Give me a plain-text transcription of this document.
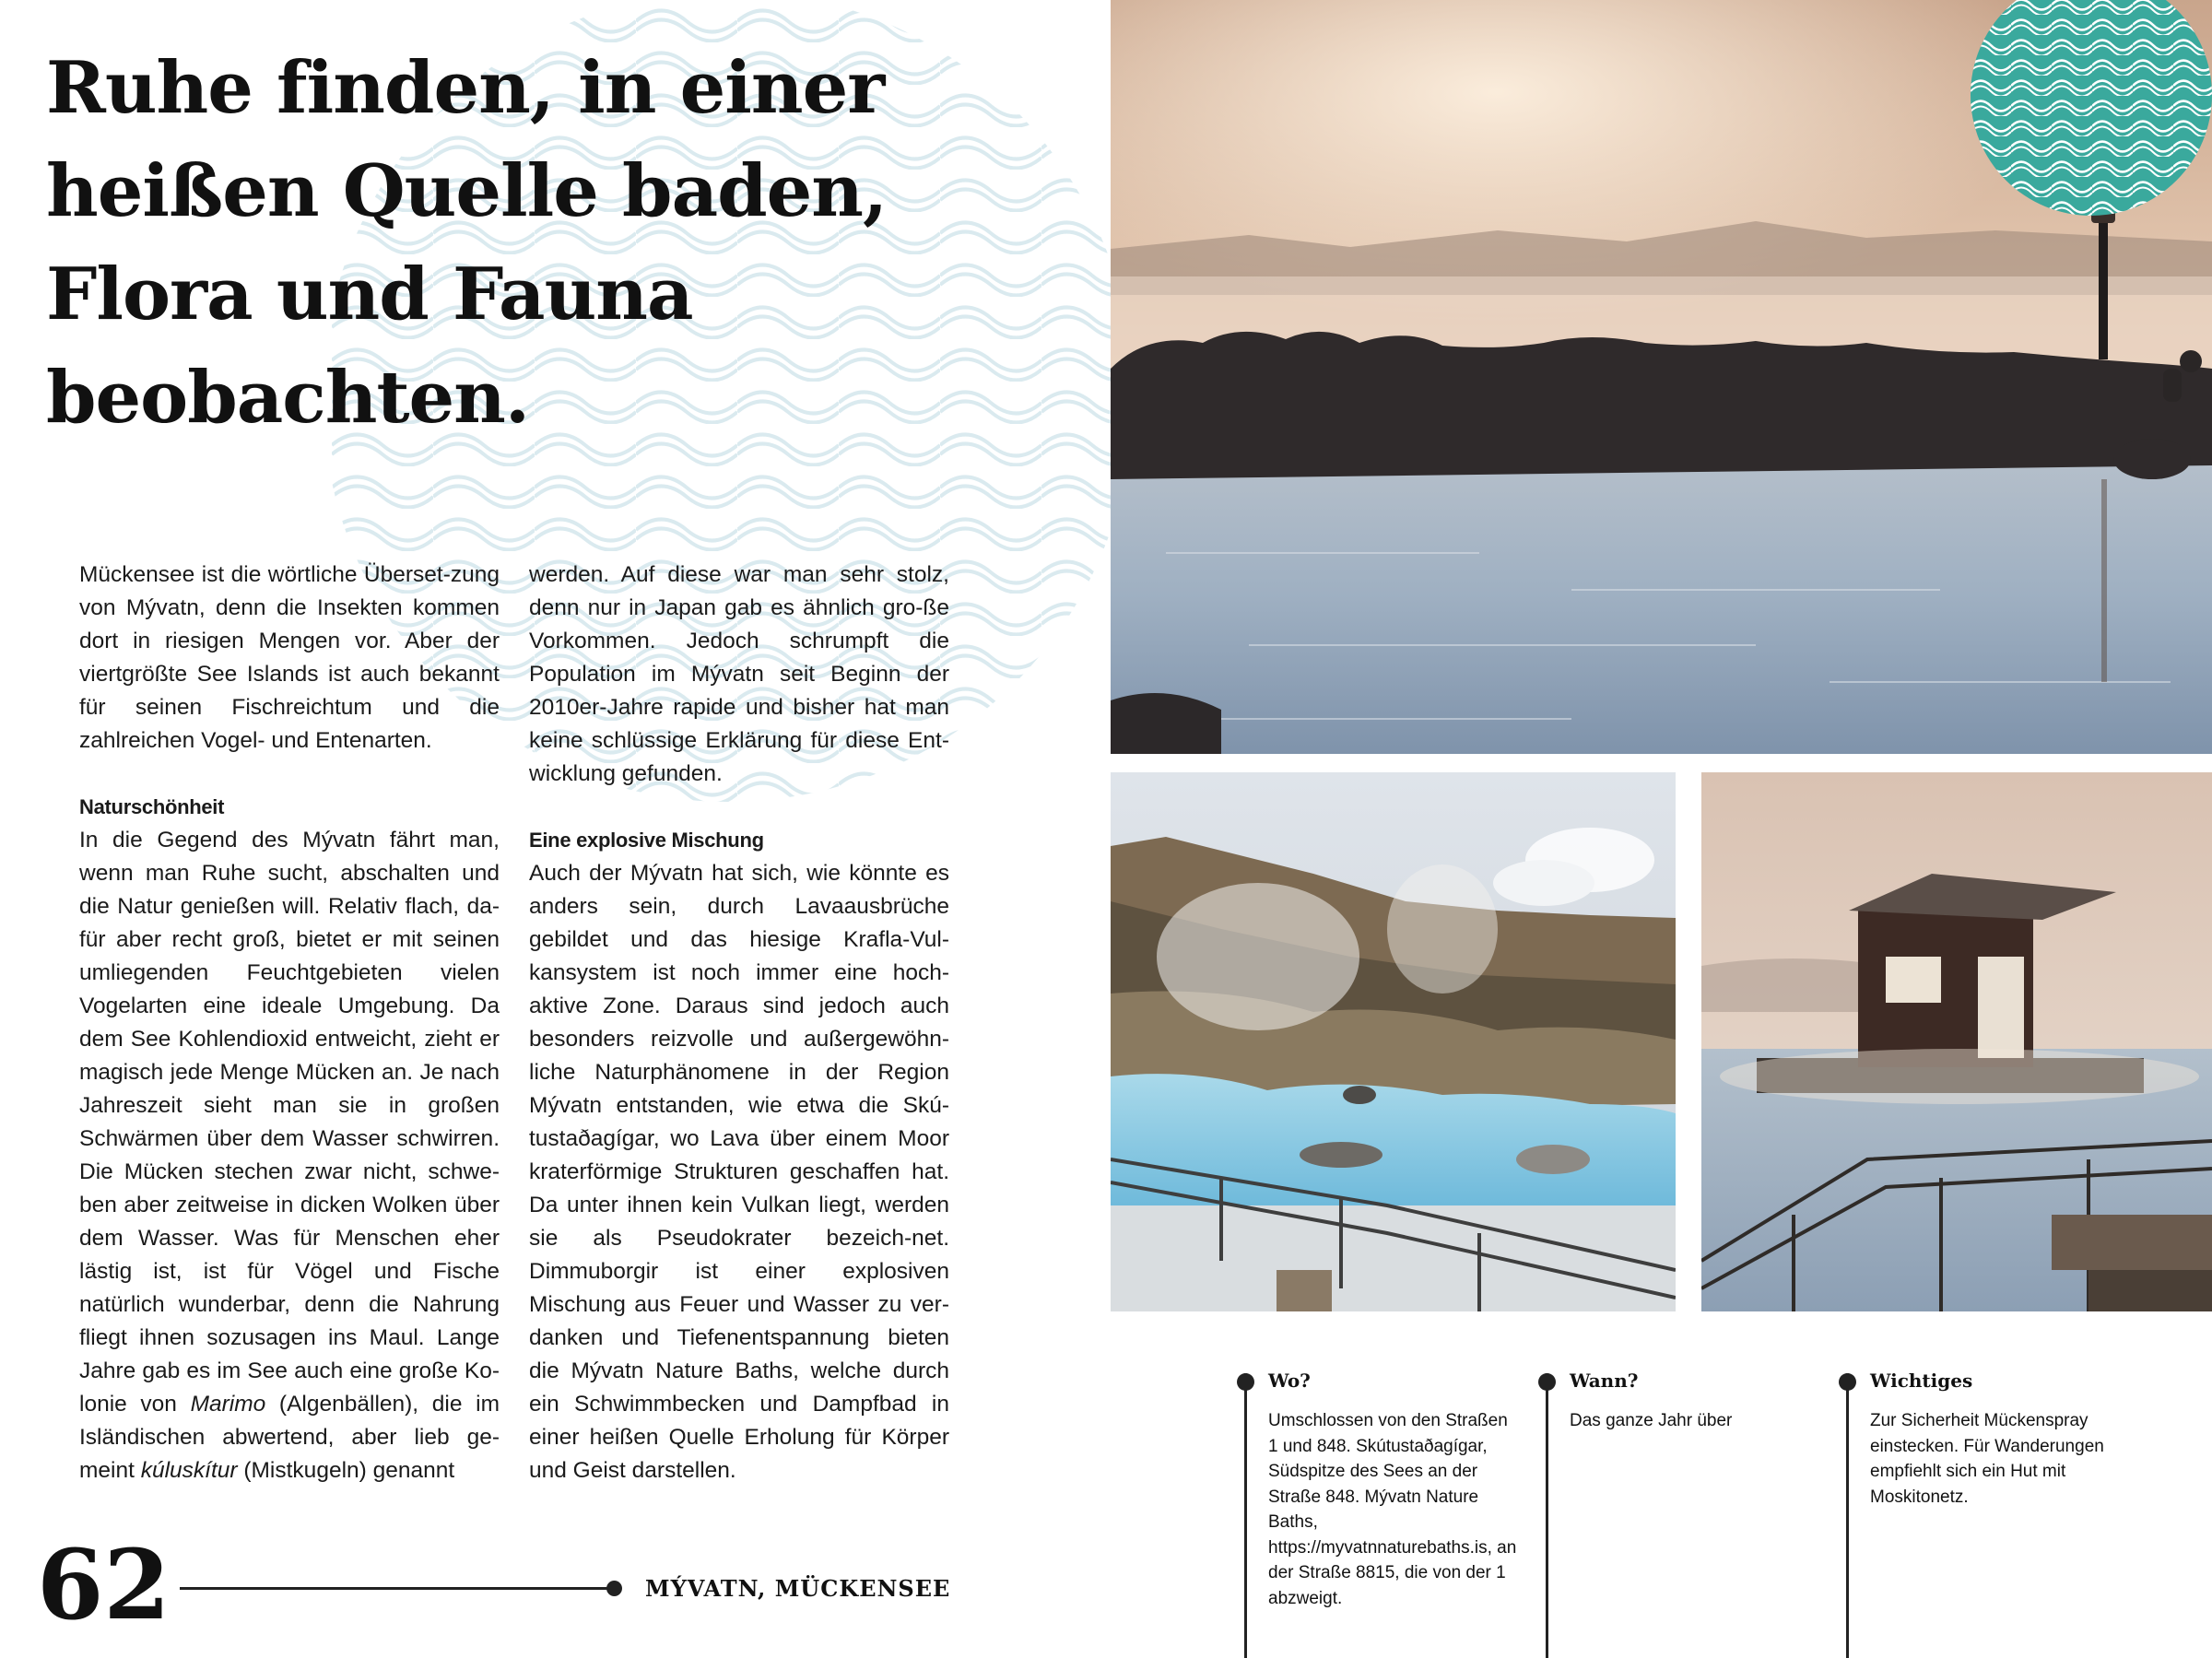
Ruhe finden, in einer heißen Quelle baden, Flora und Fauna beobachten.

Mückensee ist die wörtliche Überset-zung von Mývatn, denn die Insekten kommen dort in riesigen Mengen vor. Aber der viertgrößte See Islands ist auch bekannt für seinen Fischreichtum und die zahlreichen Vogel- und Entenarten.

Naturschönheit

In die Gegend des Mývatn fährt man, wenn man Ruhe sucht, abschalten und die Natur genießen will. Relativ flach, da-für aber recht groß, bietet er mit seinen umliegenden Feuchtgebieten vielen Vogelarten eine ideale Umgebung. Da dem See Kohlendioxid entweicht, zieht er magisch jede Menge Mücken an. Je nach Jahreszeit sieht man sie in großen Schwärmen über dem Wasser schwirren. Die Mücken stechen zwar nicht, schwe-ben aber zeitweise in dicken Wolken über dem Wasser. Was für Menschen eher lästig ist, ist für Vögel und Fische natürlich wunderbar, denn die Nahrung fliegt ihnen sozusagen ins Maul. Lange Jahre gab es im See auch eine große Ko-lonie von Marimo (Algenbällen), die im Isländischen abwertend, aber lieb ge-meint kúluskítur (Mistkugeln) genannt

werden. Auf diese war man sehr stolz, denn nur in Japan gab es ähnlich gro-ße Vorkommen. Jedoch schrumpft die Population im Mývatn seit Beginn der 2010er-Jahre rapide und bisher hat man keine schlüssige Erklärung für diese Ent-wicklung gefunden.

Eine explosive Mischung

Auch der Mývatn hat sich, wie könnte es anders sein, durch Lavaausbrüche gebildet und das hiesige Krafla-Vul-kansystem ist noch immer eine hoch-aktive Zone. Daraus sind jedoch auch besonders reizvolle und außergewöhn-liche Naturphänomene in der Region Mývatn entstanden, wie etwa die Skú-tustaðagígar, wo Lava über einem Moor kraterförmige Strukturen geschaffen hat. Da unter ihnen kein Vulkan liegt, werden sie als Pseudokrater bezeich-net. Dimmuborgir ist einer explosiven Mischung aus Feuer und Wasser zu ver-danken und Tiefenentspannung bieten die Mývatn Nature Baths, welche durch ein Schwimmbecken und Dampfbad in einer heißen Quelle Erholung für Körper und Geist darstellen.

62	MÝVATN, MÜCKENSEE

Wo?

Umschlossen von den Straßen 1 und 848. Skútustaðagígar, Südspitze des Sees an der Straße 848. Mývatn Nature Baths, https://myvatnnaturebaths.is, an der Straße 8815, die von der 1 abzweigt.

Wann?

Das ganze Jahr über

Wichtiges

Zur Sicherheit Mückenspray einstecken. Für Wanderungen empfiehlt sich ein Hut mit Moskitonetz.
